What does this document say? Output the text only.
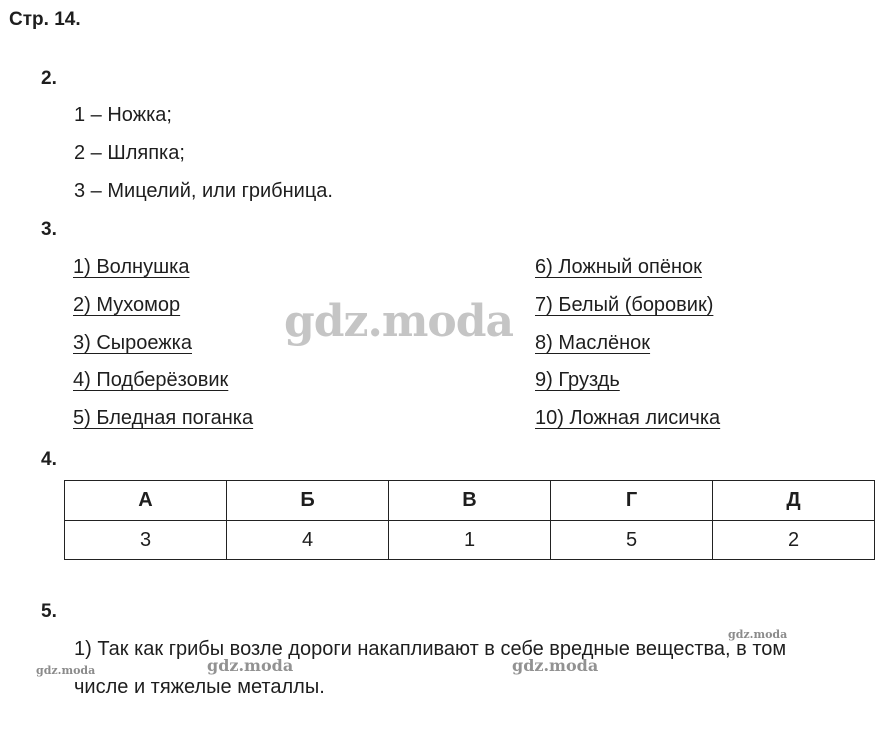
Стр. 14.
2.
1 – Ножка;
2 – Шляпка;
3 – Мицелий, или грибница.
3.
1) Волнушка
2) Мухомор
3) Сыроежка
4) Подберёзовик
5) Бледная поганка
6) Ложный опёнок
7) Белый (боровик)
8) Маслёнок
9) Груздь
10) Ложная лисичка
4.
А	Б	В	Г	Д
3	4	1	5	2
5.
1) Так как грибы возле дороги накапливают в себе вредные вещества, в том
числе и тяжелые металлы.
gdz.moda
gdz.moda	gdz.moda
gdz.moda
gdz.moda
